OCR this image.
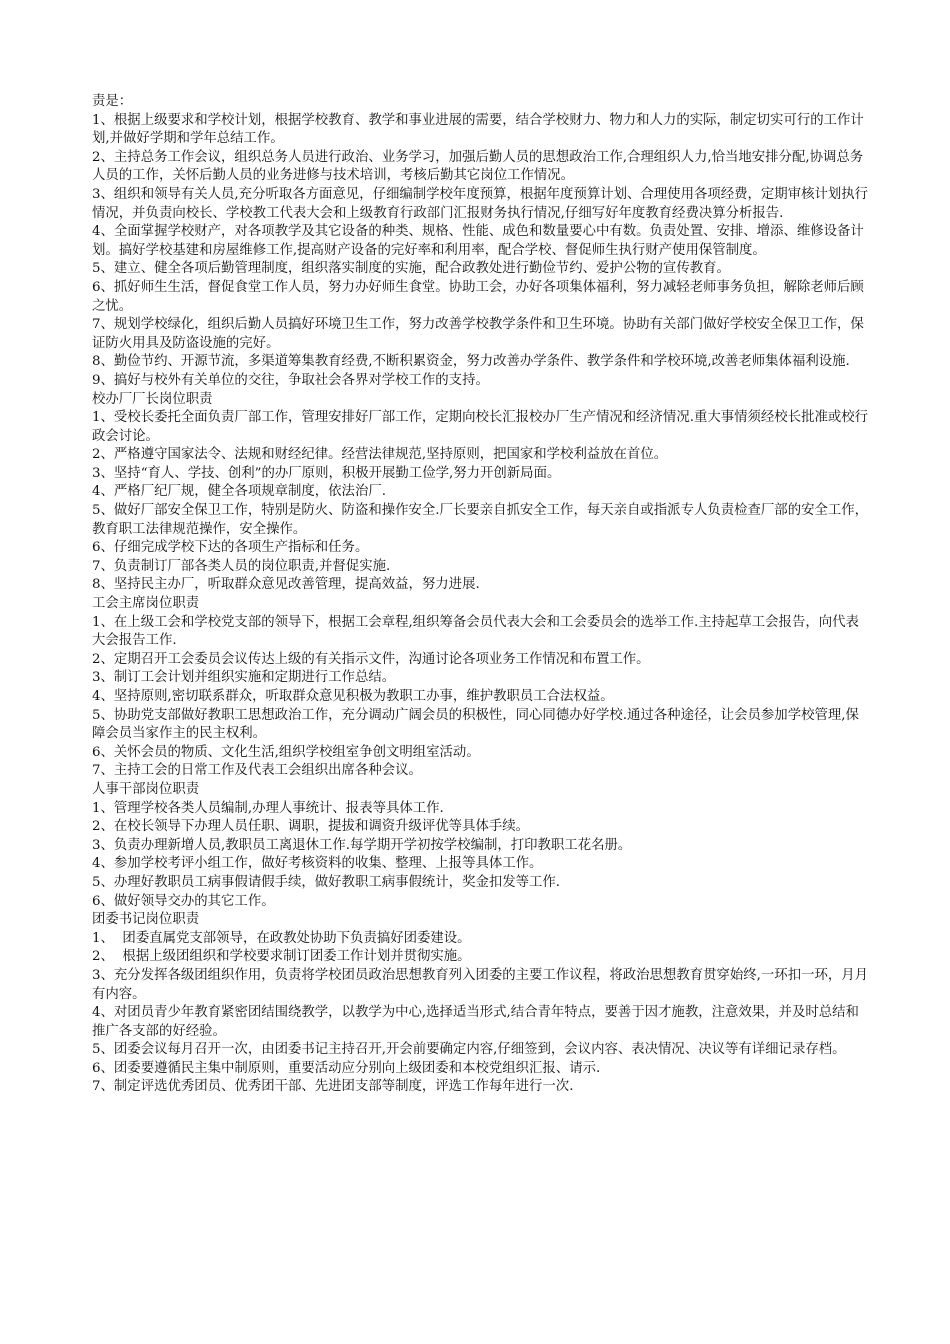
责是：

1、根据上级要求和学校计划，根据学校教育、教学和事业进展的需要，结合学校财力、物力和人力的实际，制定切实可行的工作计划,并做好学期和学年总结工作。

2、主持总务工作会议，组织总务人员进行政治、业务学习，加强后勤人员的思想政治工作,合理组织人力,恰当地安排分配,协调总务人员的工作，关怀后勤人员的业务进修与技术培训，考核后勤其它岗位工作情况。

3、组织和领导有关人员,充分听取各方面意见，仔细编制学校年度预算，根据年度预算计划、合理使用各项经费，定期审核计划执行情况，并负责向校长、学校教工代表大会和上级教育行政部门汇报财务执行情况,仔细写好年度教育经费决算分析报告.

4、全面掌握学校财产，对各项教学及其它设备的种类、规格、性能、成色和数量要心中有数。负责处置、安排、增添、维修设备计划。搞好学校基建和房屋维修工作,提高财产设备的完好率和利用率，配合学校、督促师生执行财产使用保管制度。

5、建立、健全各项后勤管理制度，组织落实制度的实施，配合政教处进行勤俭节约、爱护公物的宣传教育。

6、抓好师生生活，督促食堂工作人员，努力办好师生食堂。协助工会，办好各项集体福利，努力减轻老师事务负担，解除老师后顾之忧。

7、规划学校绿化，组织后勤人员搞好环境卫生工作，努力改善学校教学条件和卫生环境。协助有关部门做好学校安全保卫工作，保证防火用具及防盗设施的完好。

8、勤俭节约、开源节流，多渠道筹集教育经费,不断积累资金，努力改善办学条件、教学条件和学校环境,改善老师集体福利设施.

9、搞好与校外有关单位的交往，争取社会各界对学校工作的支持。

校办厂厂长岗位职责

1、受校长委托全面负责厂部工作，管理安排好厂部工作，定期向校长汇报校办厂生产情况和经济情况.重大事情须经校长批准或校行政会讨论。

2、严格遵守国家法令、法规和财经纪律。经营法律规范,坚持原则，把国家和学校利益放在首位。

3、坚持“育人、学技、创利”的办厂原则，积极开展勤工俭学,努力开创新局面。

4、严格厂纪厂规，健全各项规章制度，依法治厂.

5、做好厂部安全保卫工作，特别是防火、防盗和操作安全.厂长要亲自抓安全工作，每天亲自或指派专人负责检查厂部的安全工作，教育职工法律规范操作，安全操作。

6、仔细完成学校下达的各项生产指标和任务。

7、负责制订厂部各类人员的岗位职责,并督促实施.

8、坚持民主办厂，听取群众意见改善管理，提高效益，努力进展.

工会主席岗位职责

1、在上级工会和学校党支部的领导下，根据工会章程,组织筹备会员代表大会和工会委员会的选举工作.主持起草工会报告，向代表大会报告工作.

2、定期召开工会委员会议传达上级的有关指示文件，沟通讨论各项业务工作情况和布置工作。

3、制订工会计划并组织实施和定期进行工作总结。

4、坚持原则,密切联系群众，听取群众意见积极为教职工办事，维护教职员工合法权益。

5、协助党支部做好教职工思想政治工作，充分调动广阔会员的积极性，同心同德办好学校.通过各种途径，让会员参加学校管理,保障会员当家作主的民主权利。

6、关怀会员的物质、文化生活,组织学校组室争创文明组室活动。

7、主持工会的日常工作及代表工会组织出席各种会议。

人事干部岗位职责

1、管理学校各类人员编制,办理人事统计、报表等具体工作.

2、在校长领导下办理人员任职、调职，提拔和调资升级评优等具体手续。

3、负责办理新增人员,教职员工离退休工作.每学期开学初按学校编制，打印教职工花名册。

4、参加学校考评小组工作，做好考核资料的收集、整理、上报等具体工作。

5、办理好教职员工病事假请假手续，做好教职工病事假统计，奖金扣发等工作.

6、做好领导交办的其它工作。

团委书记岗位职责

1、  团委直属党支部领导，在政教处协助下负责搞好团委建设。

2、  根据上级团组织和学校要求制订团委工作计划并贯彻实施。

3、充分发挥各级团组织作用，负责将学校团员政治思想教育列入团委的主要工作议程，将政治思想教育贯穿始终,一环扣一环，月月有内容。

4、对团员青少年教育紧密团结围绕教学，以教学为中心,选择适当形式,结合青年特点，要善于因才施教，注意效果，并及时总结和推广各支部的好经验。

5、团委会议每月召开一次，由团委书记主持召开,开会前要确定内容,仔细签到，会议内容、表决情况、决议等有详细记录存档。

6、团委要遵循民主集中制原则，重要活动应分别向上级团委和本校党组织汇报、请示.

7、制定评选优秀团员、优秀团干部、先进团支部等制度，评选工作每年进行一次.
